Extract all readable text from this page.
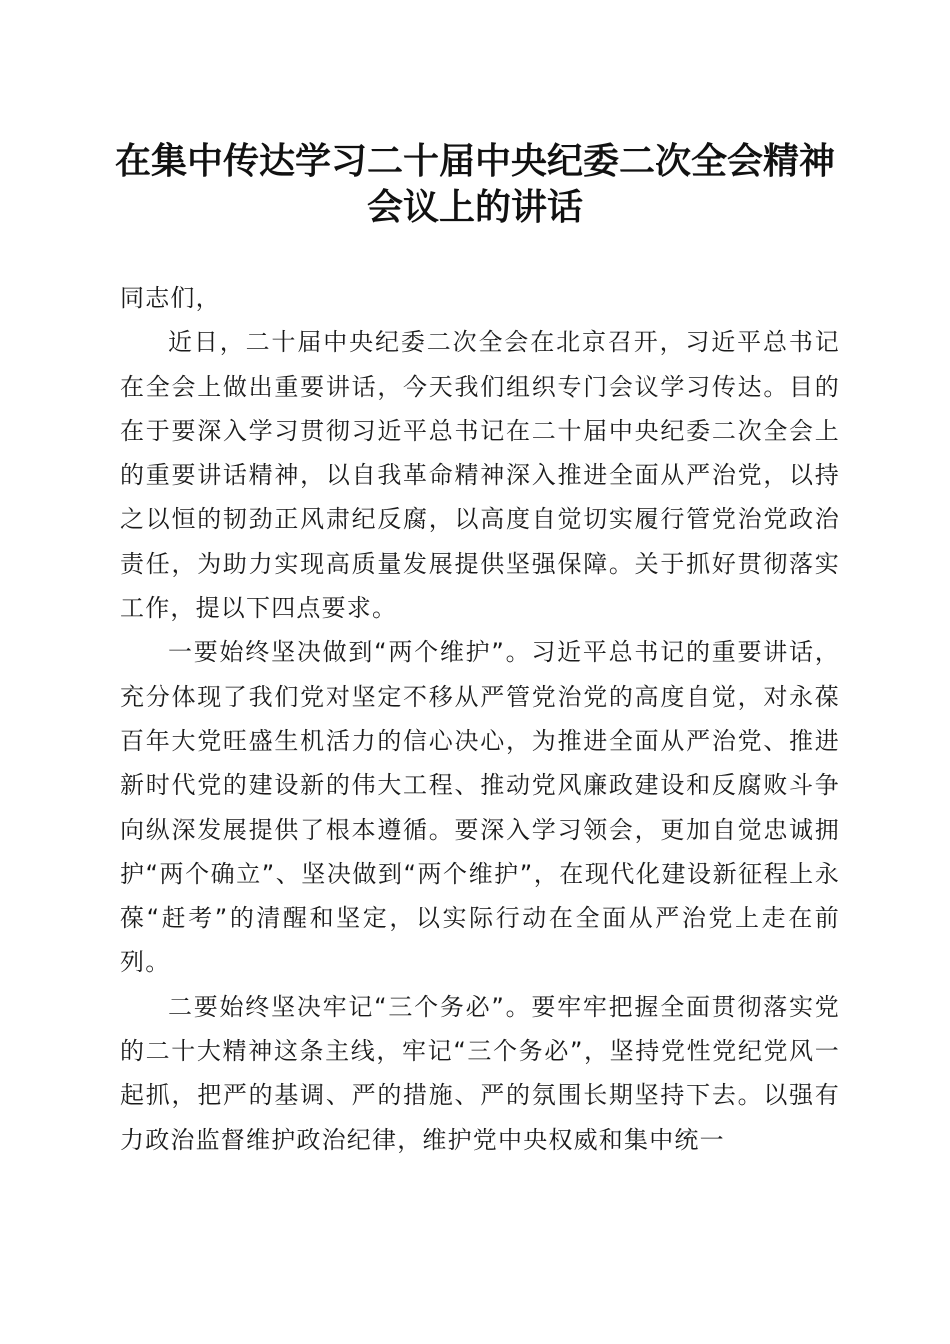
在集中传达学习二十届中央纪委二次全会精神
会议上的讲话

同志们，

近日，二十届中央纪委二次全会在北京召开，习近平总书记在全会上做出重要讲话，今天我们组织专门会议学习传达。目的在于要深入学习贯彻习近平总书记在二十届中央纪委二次全会上的重要讲话精神，以自我革命精神深入推进全面从严治党，以持之以恒的韧劲正风肃纪反腐，以高度自觉切实履行管党治党政治责任，为助力实现高质量发展提供坚强保障。关于抓好贯彻落实工作，提以下四点要求。

一要始终坚决做到“两个维护”。习近平总书记的重要讲话，充分体现了我们党对坚定不移从严管党治党的高度自觉，对永葆百年大党旺盛生机活力的信心决心，为推进全面从严治党、推进新时代党的建设新的伟大工程、推动党风廉政建设和反腐败斗争向纵深发展提供了根本遵循。要深入学习领会，更加自觉忠诚拥护“两个确立”、坚决做到“两个维护”，在现代化建设新征程上永葆“赶考”的清醒和坚定，以实际行动在全面从严治党上走在前列。

二要始终坚决牢记“三个务必”。要牢牢把握全面贯彻落实党的二十大精神这条主线，牢记“三个务必”，坚持党性党纪党风一起抓，把严的基调、严的措施、严的氛围长期坚持下去。以强有力政治监督维护政治纪律，维护党中央权威和集中统一
